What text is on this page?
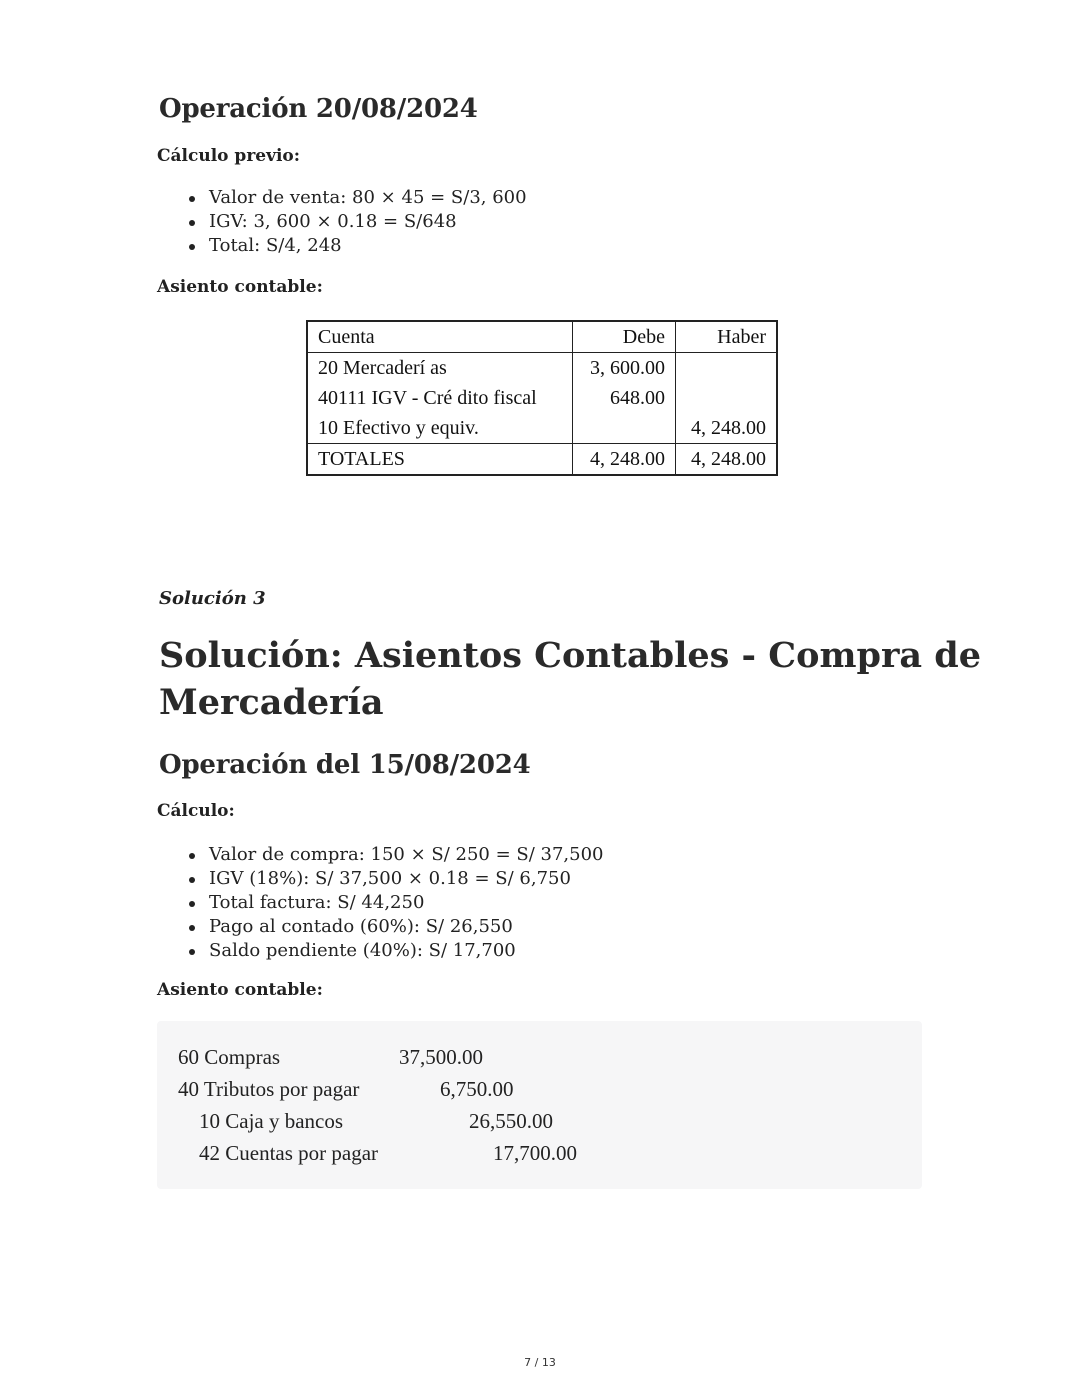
Operación 20/08/2024
Cálculo previo:
Valor de venta: 80 × 45 = S/3, 600
IGV: 3, 600 × 0.18 = S/648
Total: S/4, 248
Asiento contable:
Cuenta	Debe	Haber
20 Mercaderí as	3, 600.00	
40111 IGV - Cré dito fiscal	648.00	
10 Efectivo y equiv.		4, 248.00
TOTALES	4, 248.00	4, 248.00
Solución 3
Solución: Asientos Contables - Compra de
Mercadería
Operación del 15/08/2024
Cálculo:
Valor de compra: 150 × S/ 250 = S/ 37,500
IGV (18%): S/ 37,500 × 0.18 = S/ 6,750
Total factura: S/ 44,250
Pago al contado (60%): S/ 26,550
Saldo pendiente (40%): S/ 17,700
Asiento contable:
60 Compras	37,500.00
40 Tributos por pagar	6,750.00
10 Caja y bancos	26,550.00
42 Cuentas por pagar	17,700.00
7 / 13
